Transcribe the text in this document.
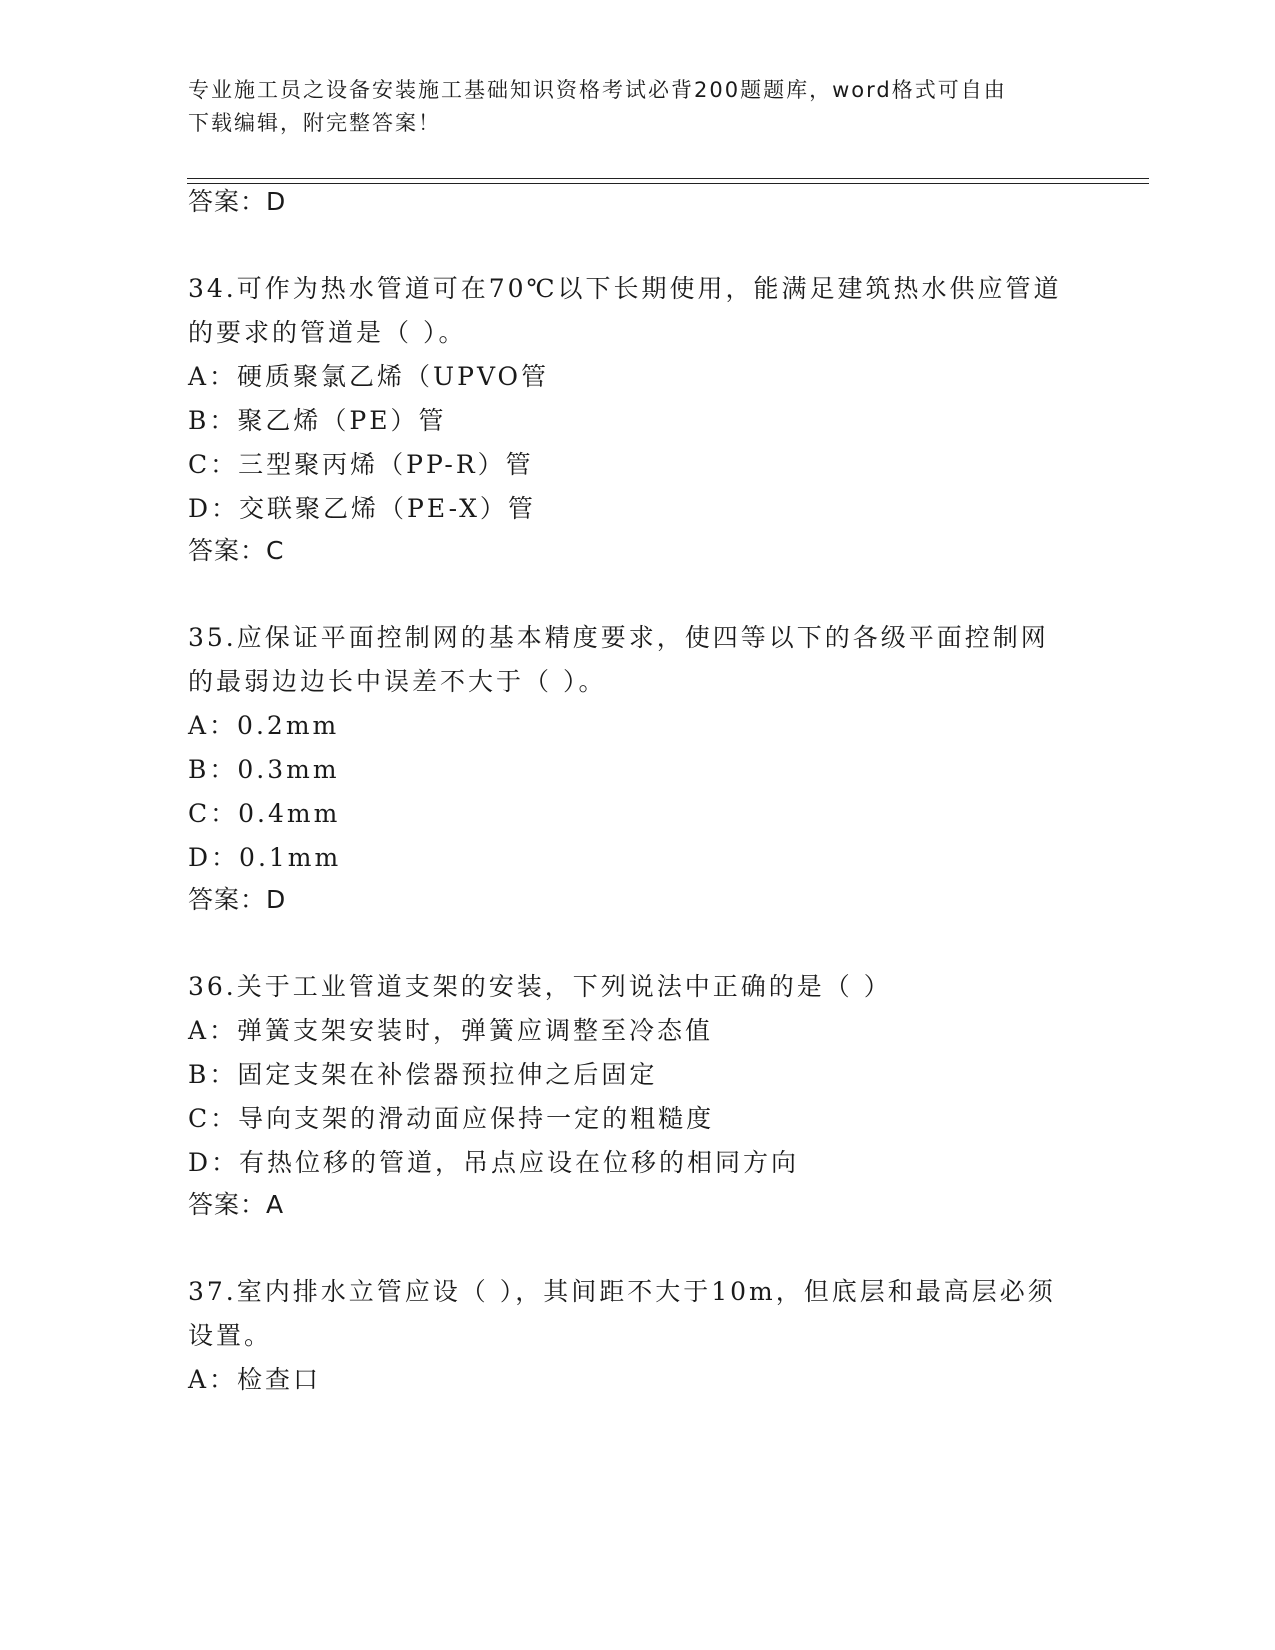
专业施工员之设备安装施工基础知识资格考试必背200题题库，word格式可自由
下载编辑，附完整答案！
答案：D
34.可作为热水管道可在70℃以下长期使用，能满足建筑热水供应管道
的要求的管道是（ ）。
A：硬质聚氯乙烯（UPVO管
B：聚乙烯（PE）管
C：三型聚丙烯（PP-R）管
D：交联聚乙烯（PE-X）管
答案：C
35.应保证平面控制网的基本精度要求，使四等以下的各级平面控制网
的最弱边边长中误差不大于（ ）。
A：0.2mm
B：0.3mm
C：0.4mm
D：0.1mm
答案：D
36.关于工业管道支架的安装，下列说法中正确的是（ ）
A：弹簧支架安装时，弹簧应调整至冷态值
B：固定支架在补偿器预拉伸之后固定
C：导向支架的滑动面应保持一定的粗糙度
D：有热位移的管道，吊点应设在位移的相同方向
答案：A
37.室内排水立管应设（ ），其间距不大于10m，但底层和最高层必须
设置。
A：检查口
